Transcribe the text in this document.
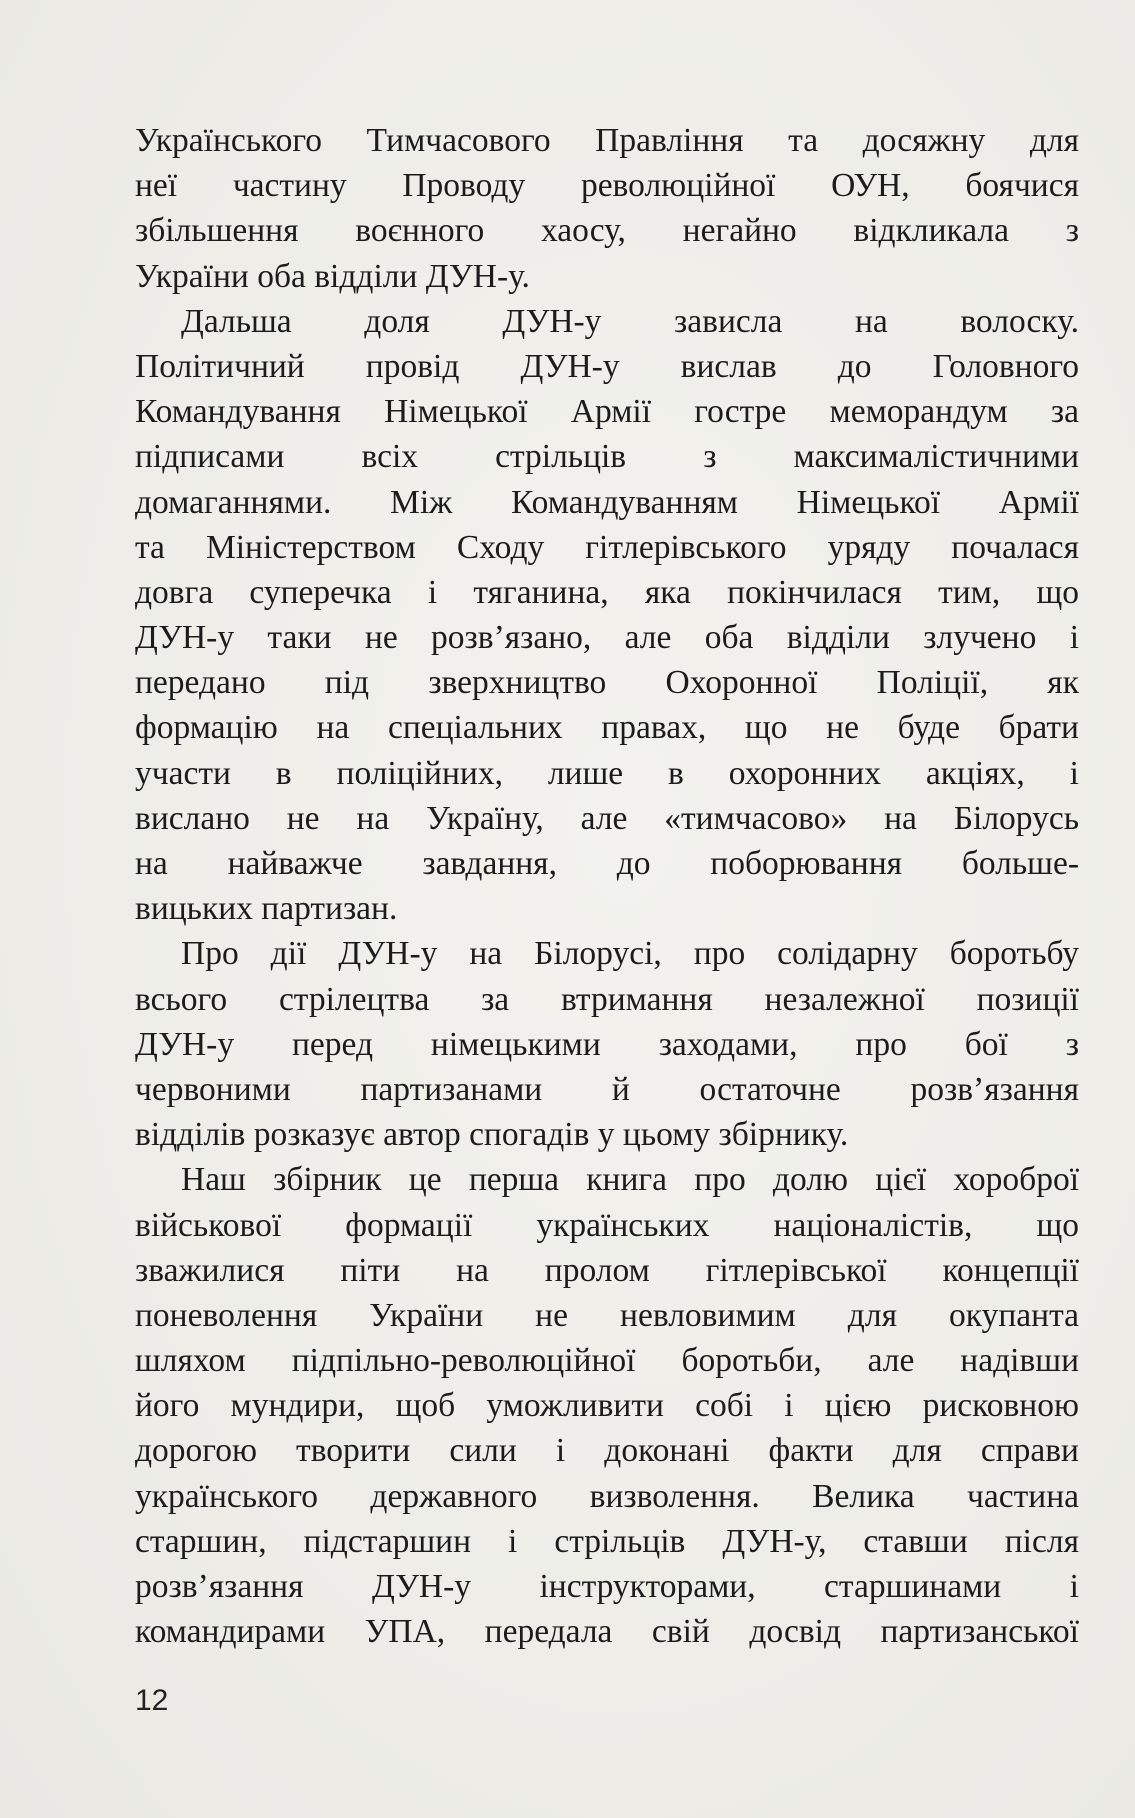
Українського Тимчасового Правління та досяжну для
неї частину Проводу революційної ОУН, боячися
збільшення воєнного хаосу, негайно відкликала з
України оба відділи ДУН-у.
Дальша доля ДУН-у зависла на волоску.
Політичний провід ДУН-у вислав до Головного
Командування Німецької Армії гостре меморандум за
підписами всіх стрільців з максималістичними
домаганнями. Між Командуванням Німецької Армії
та Міністерством Сходу гітлерівського уряду почалася
довга суперечка і тяганина, яка покінчилася тим, що
ДУН-у таки не розв’язано, але оба відділи злучено і
передано під зверхництво Охоронної Поліції, як
формацію на спеціальних правах, що не буде брати
участи в поліційних, лише в охоронних акціях, і
вислано не на Україну, але «тимчасово» на Білорусь
на найважче завдання, до поборювання больше-
вицьких партизан.
Про дії ДУН-у на Білорусі, про солідарну боротьбу
всього стрілецтва за втримання незалежної позиції
ДУН-у перед німецькими заходами, про бої з
червоними партизанами й остаточне розв’язання
відділів розказує автор спогадів у цьому збірнику.
Наш збірник це перша книга про долю цієї хороброї
військової формації українських націоналістів, що
зважилися піти на пролом гітлерівської концепції
поневолення України не невловимим для окупанта
шляхом підпільно-революційної боротьби, але надівши
його мундири, щоб уможливити собі і цією рисковною
дорогою творити сили і доконані факти для справи
українського державного визволення. Велика частина
старшин, підстаршин і стрільців ДУН-у, ставши після
розв’язання ДУН-у інструкторами, старшинами і
командирами УПА, передала свій досвід партизанської
12
